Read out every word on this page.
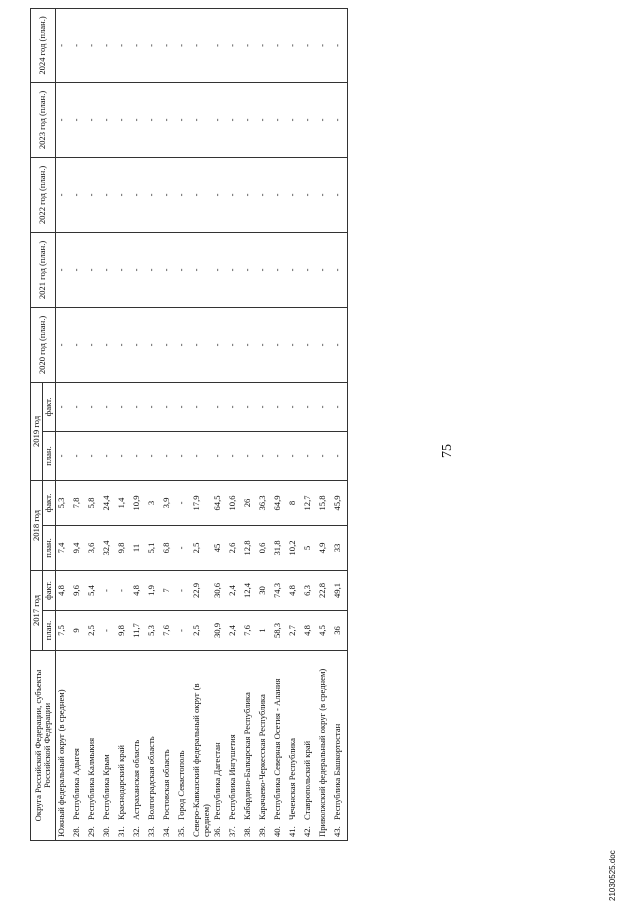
75
21030525.doc
Округа Российской Федерации, субъекты Российской Федерации	2017 год		2018 год		2019 год		2020 год (план.)	2021 год (план.)	2022 год (план.)	2023 год (план.)	2024 год (план.)
	план.	факт.	план.	факт.	план.	факт.					
Южный федеральный округ (в среднем)	7,5	4,8	7,4	5,3	-	-	-	-	-	-	-
28.Республика Адыгея	9	9,6	9,4	7,8	-	-	-	-	-	-	-
29.Республика Калмыкия	2,5	5,4	3,6	5,8	-	-	-	-	-	-	-
30.Республика Крым	-	-	32,4	24,4	-	-	-	-	-	-	-
31.Краснодарский край	9,8	-	9,8	1,4	-	-	-	-	-	-	-
32.Астраханская область	11,7	4,8	11	10,9	-	-	-	-	-	-	-
33.Волгоградская область	5,3	1,9	5,1	3	-	-	-	-	-	-	-
34.Ростовская область	7,6	7	6,8	3,9	-	-	-	-	-	-	-
35.Город Севастополь	-	-	-	-	-	-	-	-	-	-	-
Северо-Кавказский федеральный округ (в среднем)	2,5	22,9	2,5	17,9	-	-	-	-	-	-	-
36.Республика Дагестан	30,9	30,6	45	64,5	-	-	-	-	-	-	-
37.Республика Ингушетия	2,4	2,4	2,6	10,6	-	-	-	-	-	-	-
38.Кабардино-Балкарская Республика	7,6	12,4	12,8	26	-	-	-	-	-	-	-
39.Карачаево-Черкесская Республика	1	30	0,6	36,3	-	-	-	-	-	-	-
40.Республика Северная Осетия - Алания	58,3	74,3	31,8	64,9	-	-	-	-	-	-	-
41.Чеченская Республика	2,7	4,8	10,2	8	-	-	-	-	-	-	-
42.Ставропольский край	4,8	6,3	5	12,7	-	-	-	-	-	-	-
Приволжский федеральный округ (в среднем)	4,5	22,8	4,9	15,8	-	-	-	-	-	-	-
43.Республика Башкортостан	36	49,1	33	45,9	-	-	-	-	-	-	-
